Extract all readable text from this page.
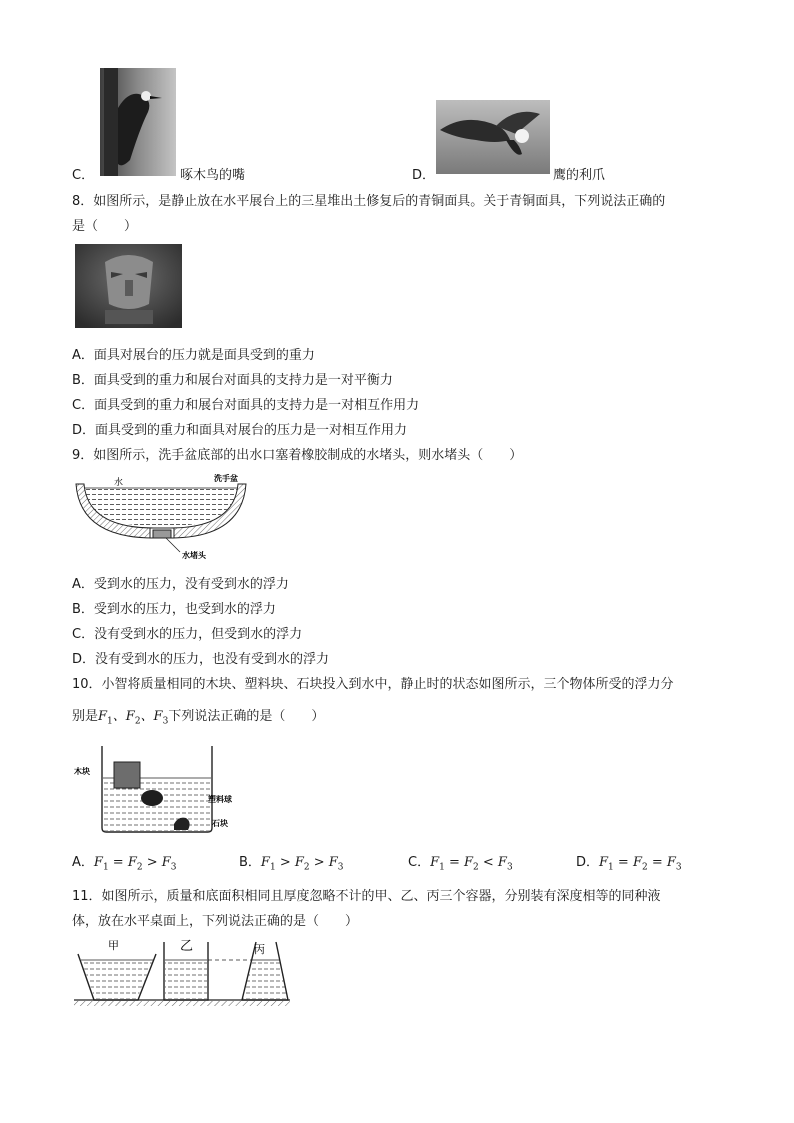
C．	啄木鸟的嘴	D．	鹰的利爪
8．如图所示，是静止放在水平展台上的三星堆出土修复后的青铜面具。关于青铜面具，下列说法正确的
是（　　）
A．面具对展台的压力就是面具受到的重力
B．面具受到的重力和展台对面具的支持力是一对平衡力
C．面具受到的重力和展台对面具的支持力是一对相互作用力
D．面具受到的重力和面具对展台的压力是一对相互作用力
9．如图所示，洗手盆底部的出水口塞着橡胶制成的水堵头，则水堵头（　　）
水	洗手盆
水堵头
A．受到水的压力，没有受到水的浮力
B．受到水的压力，也受到水的浮力
C．没有受到水的压力，但受到水的浮力
D．没有受到水的压力，也没有受到水的浮力
10．小智将质量相同的木块、塑料块、石块投入到水中，静止时的状态如图所示，三个物体所受的浮力分
别是$F_1$、$F_2$、$F_3$下列说法正确的是（　　）
木块
塑料球
石块
A．$F_1 = F_2 > F_3$	B．$F_1 > F_2 > F_3$	C．$F_1 = F_2 < F_3$	D．$F_1 = F_2 = F_3$
11．如图所示，质量和底面积相同且厚度忽略不计的甲、乙、丙三个容器，分别装有深度相等的同种液
体，放在水平桌面上，下列说法正确的是（　　）
甲	乙	丙
